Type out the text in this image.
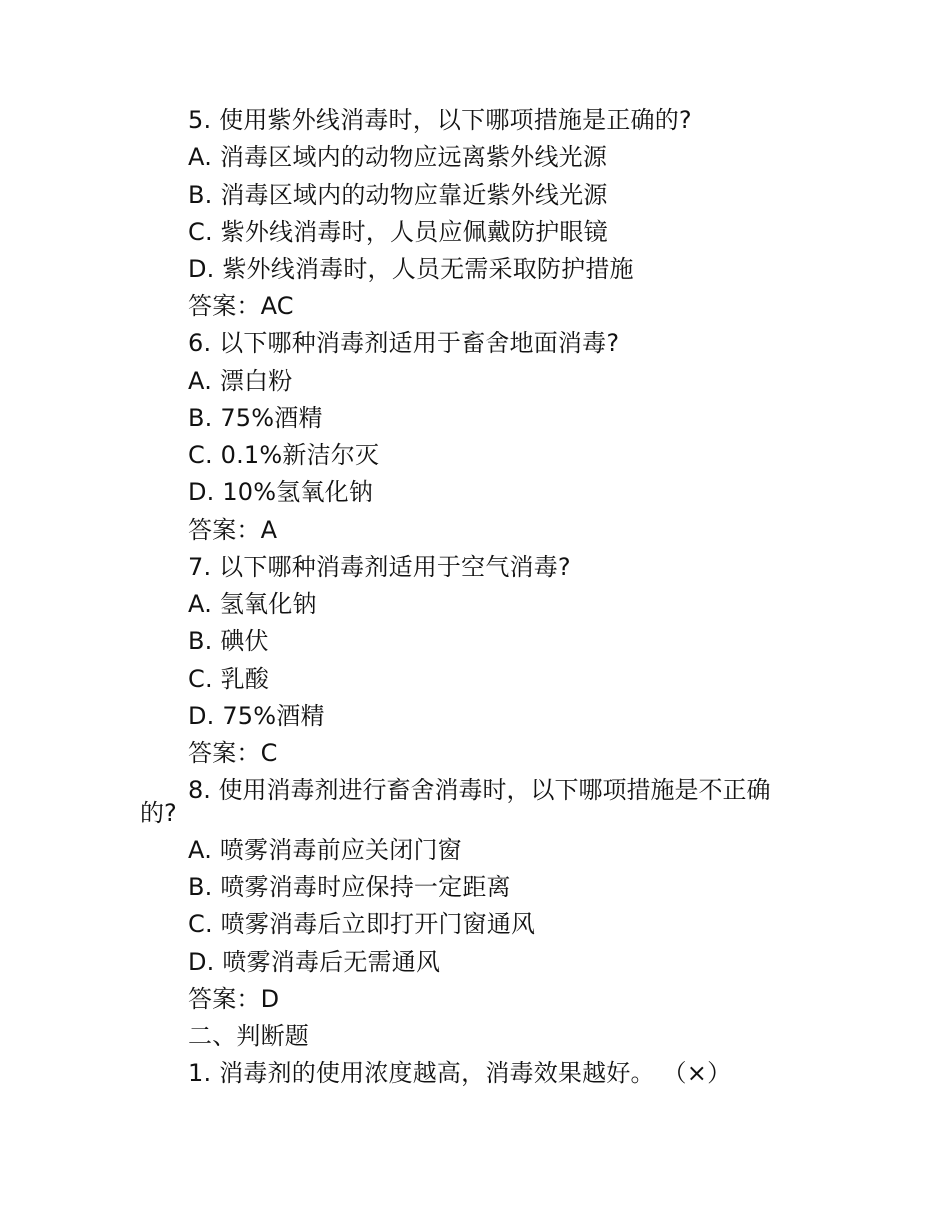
5. 使用紫外线消毒时，以下哪项措施是正确的?
A. 消毒区域内的动物应远离紫外线光源
B. 消毒区域内的动物应靠近紫外线光源
C. 紫外线消毒时，人员应佩戴防护眼镜
D. 紫外线消毒时，人员无需采取防护措施
答案：AC
6. 以下哪种消毒剂适用于畜舍地面消毒?
A. 漂白粉
B. 75%酒精
C. 0.1%新洁尔灭
D. 10%氢氧化钠
答案：A
7. 以下哪种消毒剂适用于空气消毒?
A. 氢氧化钠
B. 碘伏
C. 乳酸
D. 75%酒精
答案：C
8. 使用消毒剂进行畜舍消毒时，以下哪项措施是不正确
的?
A. 喷雾消毒前应关闭门窗
B. 喷雾消毒时应保持一定距离
C. 喷雾消毒后立即打开门窗通风
D. 喷雾消毒后无需通风
答案：D
二、判断题
1. 消毒剂的使用浓度越高，消毒效果越好。 （×）
